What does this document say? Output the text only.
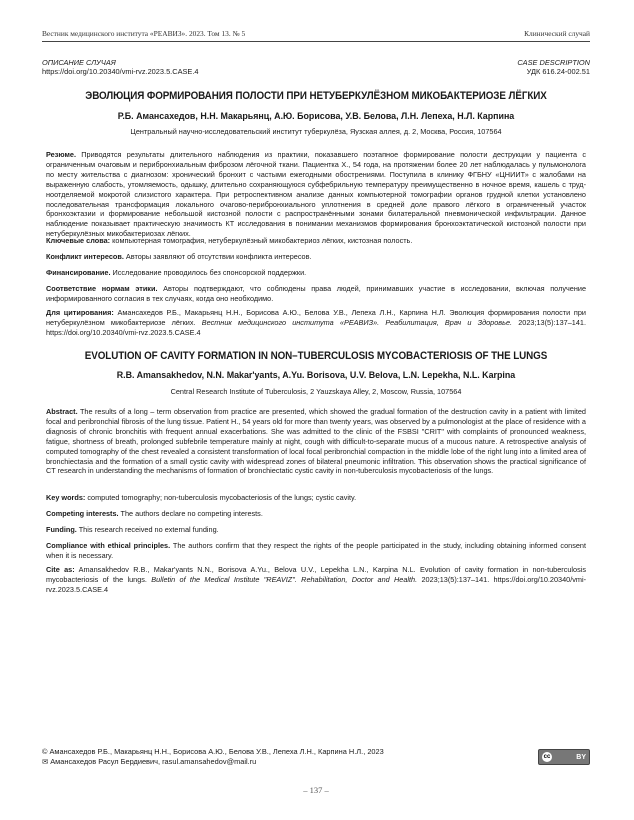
Вестник медицинского института «РЕАВИЗ». 2023. Том 13. № 5	Клинический случай
ОПИСАНИЕ СЛУЧАЯ
https://doi.org/10.20340/vmi-rvz.2023.5.CASE.4
CASE DESCRIPTION
УДК 616.24-002.51
ЭВОЛЮЦИЯ ФОРМИРОВАНИЯ ПОЛОСТИ ПРИ НЕТУБЕРКУЛЁЗНОМ МИКОБАКТЕРИОЗЕ ЛЁГКИХ
Р.Б. Амансахедов, Н.Н. Макарьянц, А.Ю. Борисова, У.В. Белова, Л.Н. Лепеха, Н.Л. Карпина
Центральный научно-исследовательский институт туберкулёза, Яузская аллея, д. 2, Москва, Россия, 107564
Резюме. Приводятся результаты длительного наблюдения из практики, показавшего поэтапное формирование полости деструкции у пациента с ограниченным очаговым и перибронхиальным фиброзом лёгочной ткани. Пациентка Х., 54 года, на протяжении более 20 лет наблюдалась у пульмонолога по месту жительства с диагнозом: хронический бронхит с частыми ежегодными обострениями. Поступила в клинику ФГБНУ «ЦНИИТ» с жалобами на выраженную слабость, утомляемость, одышку, длительно сохраняющуюся субфебрильную температуру преимущественно в ночное время, кашель с трудноотделяемой мокротой слизистого характера. При ретроспективном анализе данных компьютерной томографии органов грудной клетки установлено последовательная трансформация локального очагово-перибронхиального уплотнения в средней доле правого лёгкого в ограниченный участок бронхоэктазии и формирование небольшой кистозной полости с распространёнными зонами билатеральной пневмонической инфильтрации. Данное наблюдение показывает практическую значимость КТ исследования в понимании механизмов формирования бронхоэктатической кистозной полости при нетуберкулёзных микобактериозах лёгких.
Ключевые слова: компьютерная томография, нетуберкулёзный микобактериоз лёгких, кистозная полость.
Конфликт интересов. Авторы заявляют об отсутствии конфликта интересов.
Финансирование. Исследование проводилось без спонсорской поддержки.
Соответствие нормам этики. Авторы подтверждают, что соблюдены права людей, принимавших участие в исследовании, включая получение информированного согласия в тех случаях, когда оно необходимо.
Для цитирования: Амансахедов Р.Б., Макарьянц Н.Н., Борисова А.Ю., Белова У.В., Лепеха Л.Н., Карпина Н.Л. Эволюция формирования полости при нетуберкулёзном микобактериозе лёгких. Вестник медицинского института «РЕАВИЗ». Реабилитация, Врач и Здоровье. 2023;13(5):137–141. https://doi.org/10.20340/vmi-rvz.2023.5.CASE.4
EVOLUTION OF CAVITY FORMATION IN NON–TUBERCULOSIS MYCOBACTERIOSIS OF THE LUNGS
R.B. Amansakhedov, N.N. Makar'yants, A.Yu. Borisova, U.V. Belova, L.N. Lepekha, N.L. Karpina
Central Research Institute of Tuberculosis, 2 Yauzskaya Alley, 2, Moscow, Russia, 107564
Abstract. The results of a long – term observation from practice are presented, which showed the gradual formation of the destruction cavity in a patient with limited focal and peribronchial fibrosis of the lung tissue. Patient H., 54 years old for more than twenty years, was observed by a pulmonologist at the place of residence with a diagnosis of chronic bronchitis with frequent annual exacerbations. She was admitted to the clinic of the FSBSI "CRIT" with complaints of pronounced weakness, fatigue, shortness of breath, prolonged subfebrile temperature mainly at night, cough with difficult-to-separate mucus of a mucous nature. A retrospective analysis of computed tomography of the chest revealed a consistent transformation of local focal peribronchial compaction in the middle lobe of the right lung into a limited area of bronchiectasia and the formation of a small cystic cavity with widespread zones of bilateral pneumonic infiltration. This observation shows the practical significance of CT research in understanding the mechanisms of formation of bronchiectatic cystic cavity in non-tuberculosis mycobacteriosis of the lungs.
Key words: computed tomography; non-tuberculosis mycobacteriosis of the lungs; cystic cavity.
Competing interests. The authors declare no competing interests.
Funding. This research received no external funding.
Compliance with ethical principles. The authors confirm that they respect the rights of the people participated in the study, including obtaining informed consent when it is necessary.
Cite as: Amansakhedov R.B., Makar'yants N.N., Borisova A.Yu., Belova U.V., Lepekha L.N., Karpina N.L. Evolution of cavity formation in non-tuberculosis mycobacteriosis of the lungs. Bulletin of the Medical Institute "REAVIZ". Rehabilitation, Doctor and Health. 2023;13(5):137–141. https://doi.org/10.20340/vmi-rvz.2023.5.CASE.4
© Амансахедов Р.Б., Макарьянц Н.Н., Борисова А.Ю., Белова У.В., Лепеха Л.Н., Карпина Н.Л., 2023
✉ Амансахедов Расул Бердиевич, rasul.amansahedov@mail.ru	cc	BY
– 137 –
